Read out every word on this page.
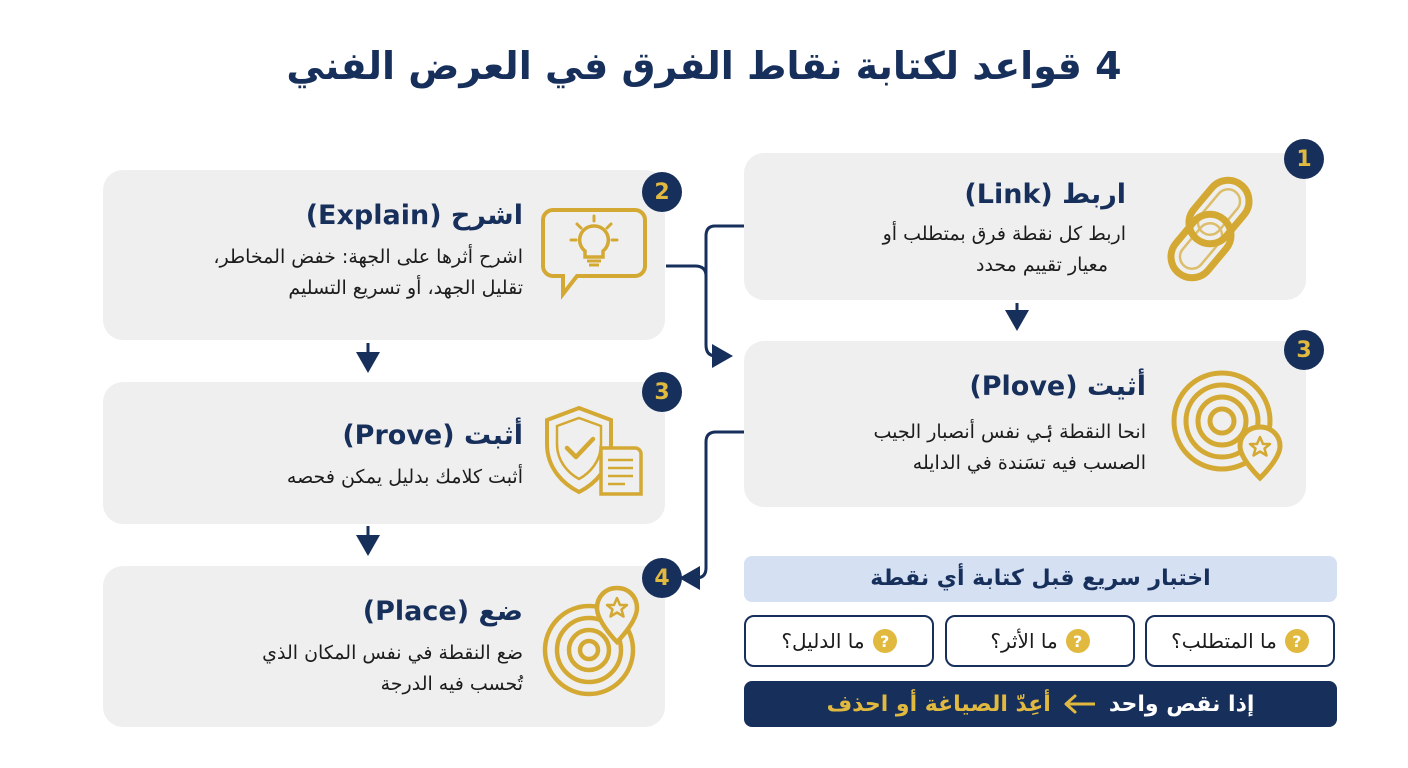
4 قواعد لكتابة نقاط الفرق في العرض الفني
اربط (Link)
اربط كل نقطة فرق بمتطلب أو
معيار تقييم محدد
1
أثيت (Plove)
انحا النقطة ۂي نفس أنصبار الجيب
الصسب فيه تسَندة في الدايله
3
اشرح (Explain)
اشرح أثرها على الجهة: خفض المخاطر،
تقليل الجهد، أو تسريع التسليم
2
أثبت (Prove)
أثبت كلامك بدليل يمكن فحصه
3
ضع (Place)
ضع النقطة في نفس المكان الذي
تُحسب فيه الدرجة
4	اختبار سريع قبل كتابة أي نقطة
?
ما المتطلب؟
?
ما الأثر؟
?
ما الدليل؟
إذا نقص واحد
أعِدّ الصياغة أو احذف
